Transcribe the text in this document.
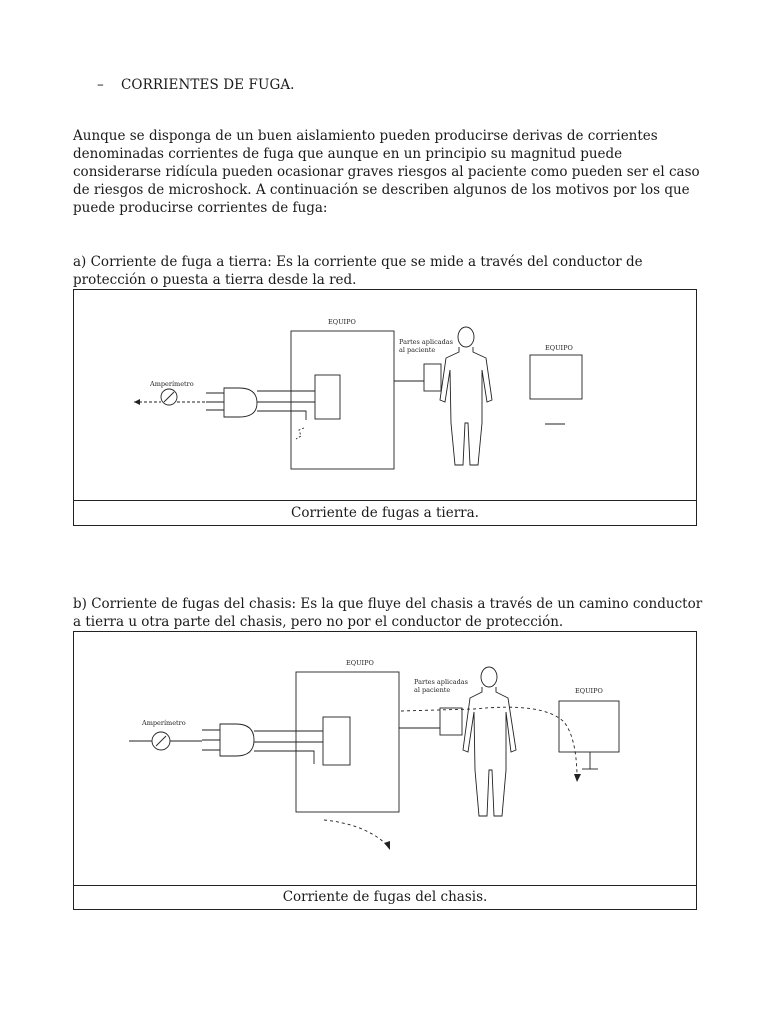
– CORRIENTES DE FUGA.

Aunque se disponga de un buen aislamiento pueden producirse derivas de corrientes denominadas corrientes de fuga que aunque en un principio su magnitud puede considerarse ridícula pueden ocasionar graves riesgos al paciente como pueden ser el caso de riesgos de microshock. A continuación se describen algunos de los motivos por los que puede producirse corrientes de fuga:

a) Corriente de fuga a tierra: Es la corriente que se mide a través del conductor de protección o puesta a tierra desde la red.

EQUIPO
Partes aplicadas
al paciente
Amperímetro
EQUIPO
Corriente de fugas a tierra.

b) Corriente de fugas del chasis: Es la que fluye del chasis a través de un camino conductor a tierra u otra parte del chasis, pero no por el conductor de protección.

EQUIPO
Partes aplicadas
al paciente
Amperímetro
EQUIPO
Corriente de fugas del chasis.
